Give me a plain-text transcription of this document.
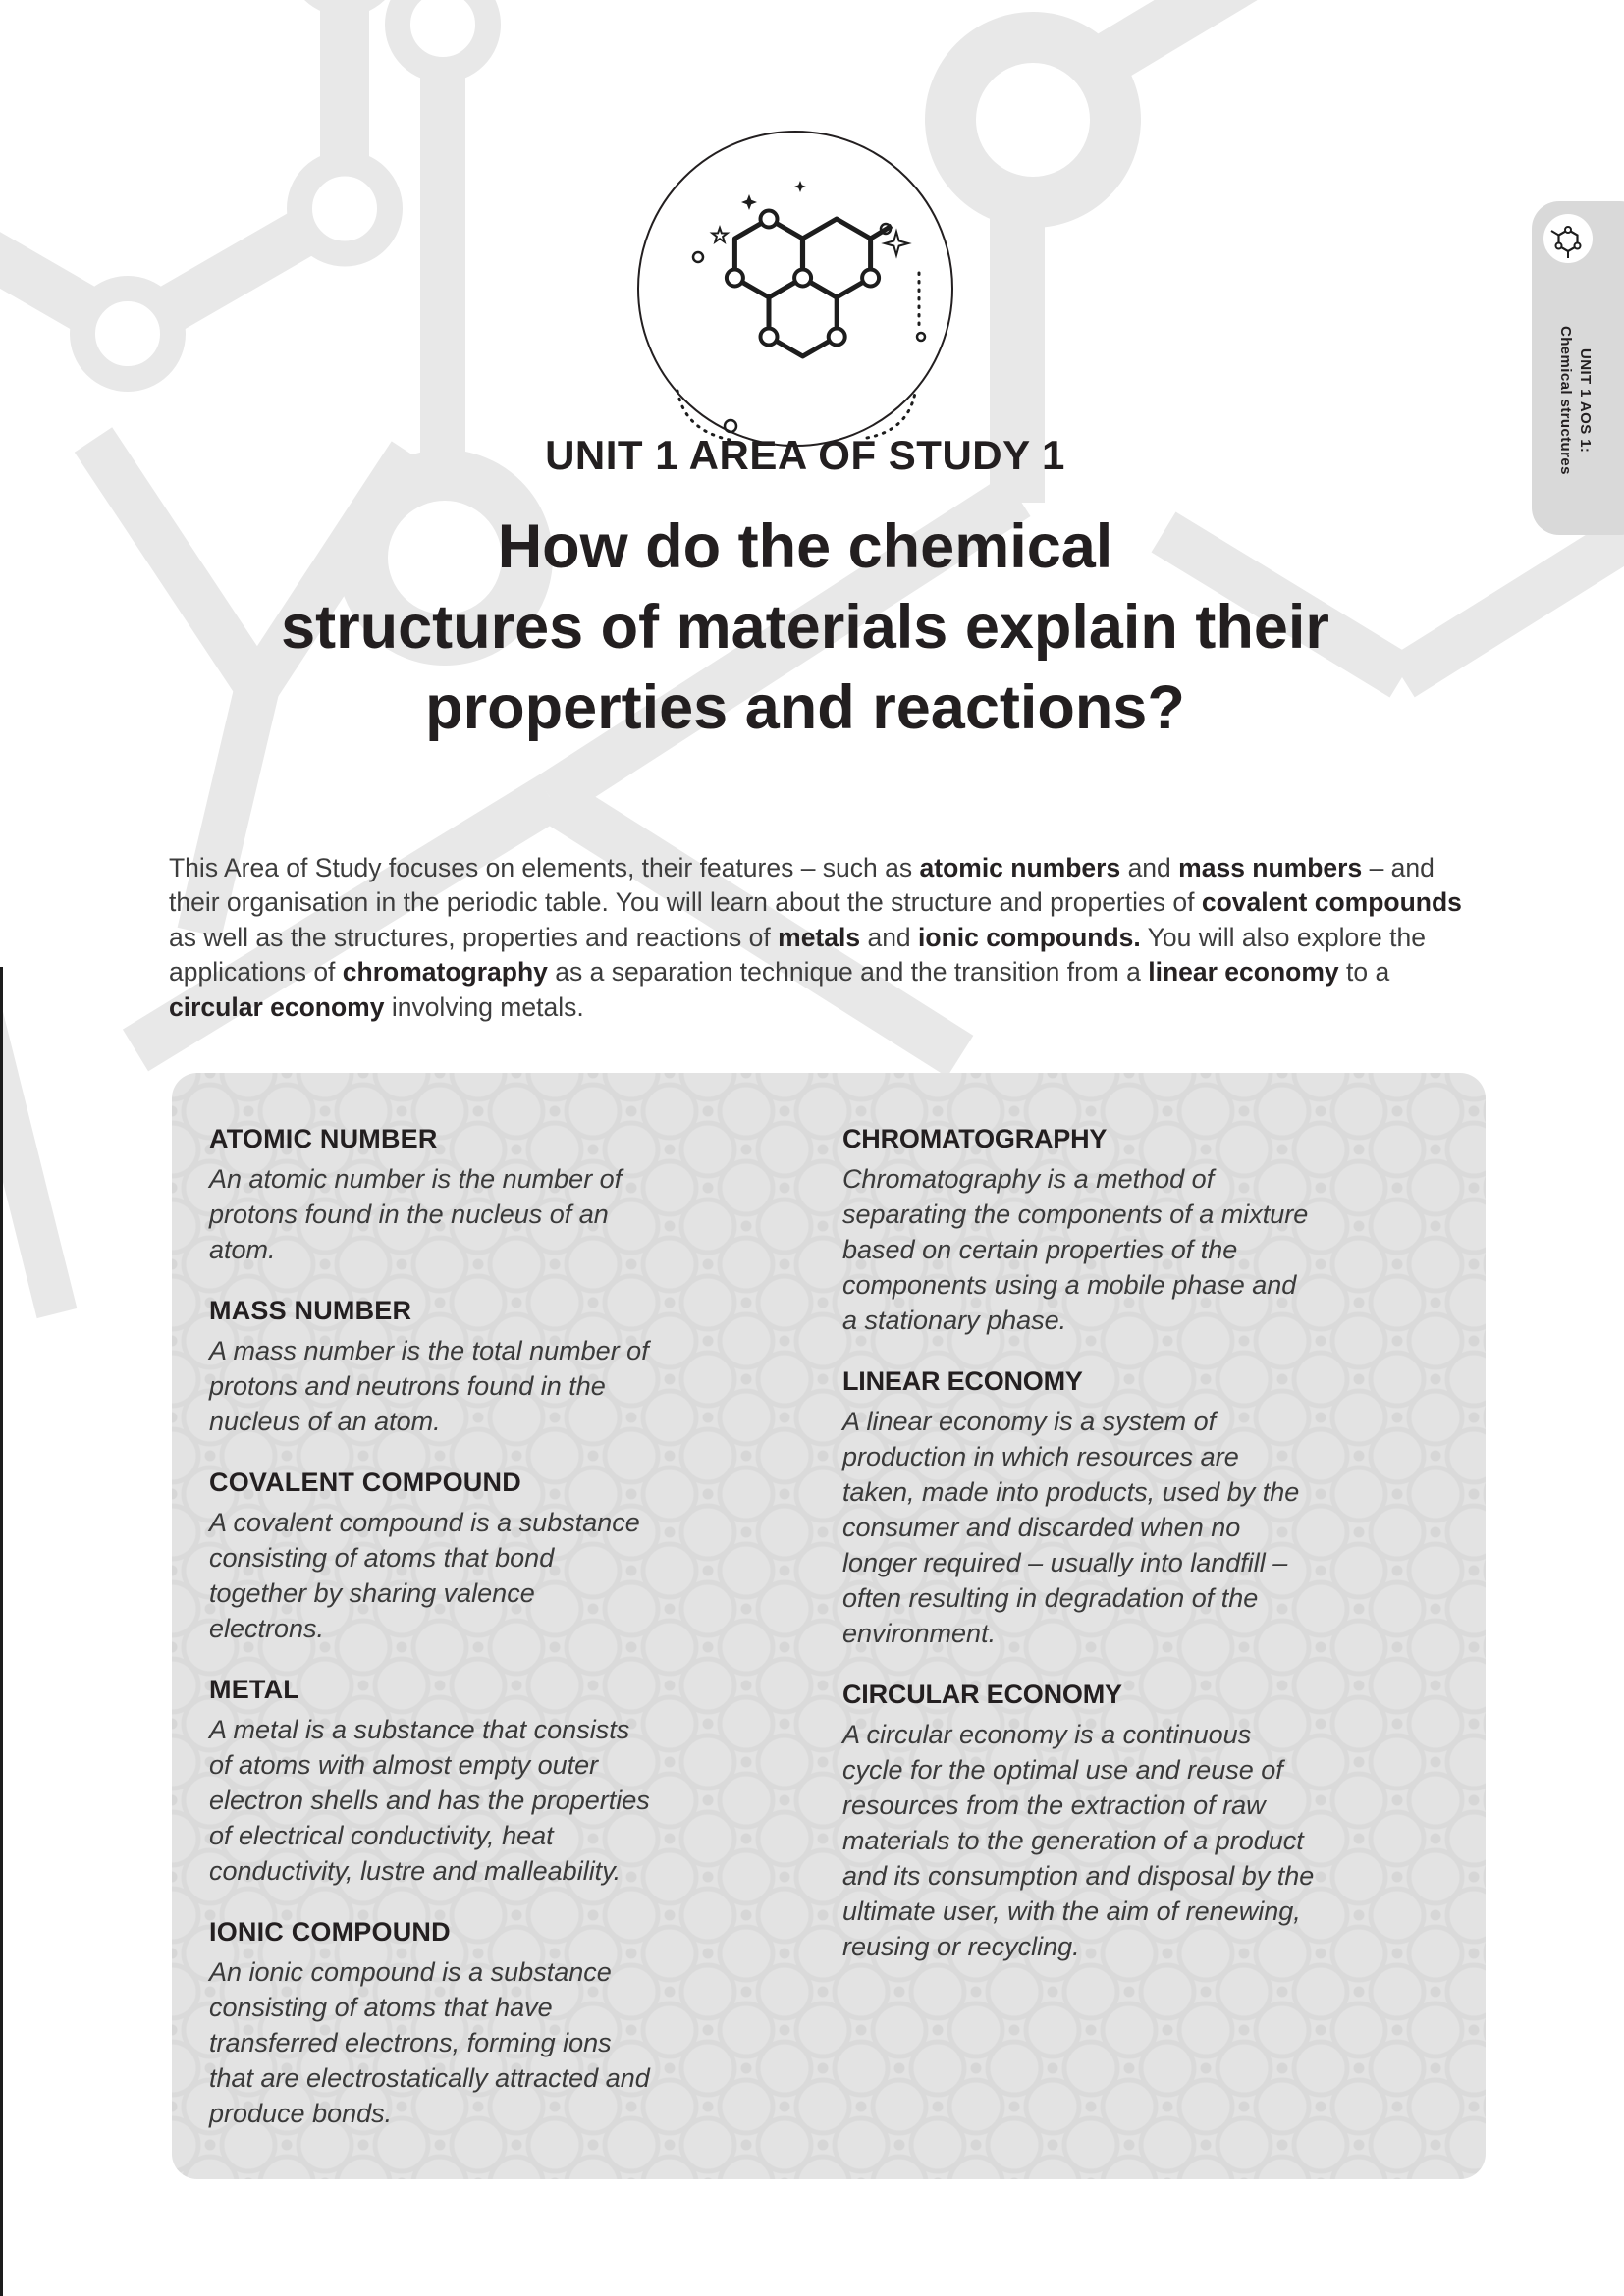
UNIT 1 AREA OF STUDY 1
How do the chemical
structures of materials explain their
properties and reactions?

This Area of Study focuses on elements, their features – such as atomic numbers and mass numbers – and their organisation in the periodic table. You will learn about the structure and properties of covalent compounds as well as the structures, properties and reactions of metals and ionic compounds. You will also explore the applications of chromatography as a separation technique and the transition from a linear economy to a circular economy involving metals.

ATOMIC NUMBER
An atomic number is the number of protons found in the nucleus of an atom.
MASS NUMBER
A mass number is the total number of protons and neutrons found in the nucleus of an atom.
COVALENT COMPOUND
A covalent compound is a substance consisting of atoms that bond together by sharing valence electrons.
METAL
A metal is a substance that consists of atoms with almost empty outer electron shells and has the properties of electrical conductivity, heat conductivity, lustre and malleability.
IONIC COMPOUND
An ionic compound is a substance consisting of atoms that have transferred electrons, forming ions that are electrostatically attracted and produce bonds.
CHROMATOGRAPHY
Chromatography is a method of separating the components of a mixture based on certain properties of the components using a mobile phase and a stationary phase.
LINEAR ECONOMY
A linear economy is a system of production in which resources are taken, made into products, used by the consumer and discarded when no longer required – usually into landfill – often resulting in degradation of the environment.
CIRCULAR ECONOMY
A circular economy is a continuous cycle for the optimal use and reuse of resources from the extraction of raw materials to the generation of a product and its consumption and disposal by the ultimate user, with the aim of renewing, reusing or recycling.
UNIT 1 AOS 1:
Chemical structures
